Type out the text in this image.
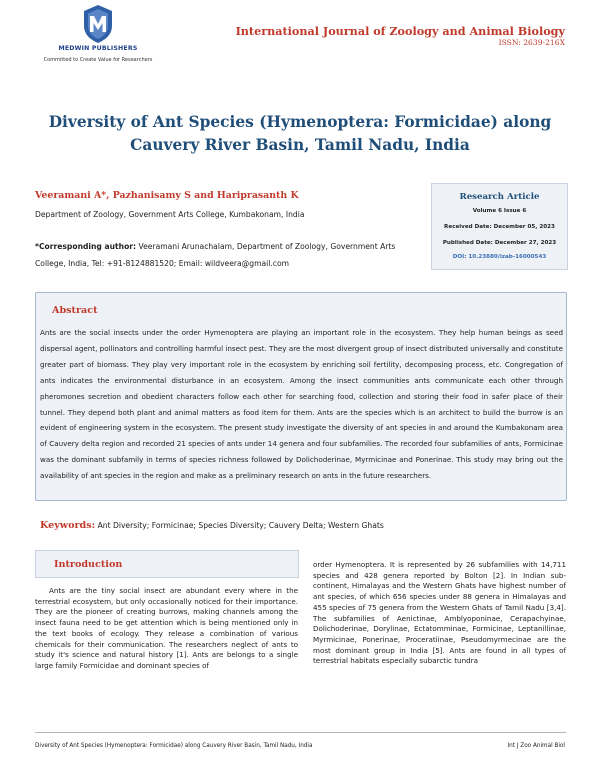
MEDWIN PUBLISHERS
Committed to Create Value for Researchers
International Journal of Zoology and Animal Biology
ISSN: 2639-216X
Diversity of Ant Species (Hymenoptera: Formicidae) along Cauvery River Basin, Tamil Nadu, India
Veeramani A*, Pazhanisamy S and Hariprasanth K
Department of Zoology, Government Arts College, Kumbakonam, India
*Corresponding author: Veeramani Arunachalam, Department of Zoology, Government Arts College, India, Tel: +91-8124881520; Email: wildveera@gmail.com
Research Article
Volume 6 Issue 6
Received Date: December 05, 2023
Published Date: December 27, 2023
DOI: 10.23880/izab-16000543
Abstract
Ants are the social insects under the order Hymenoptera are playing an important role in the ecosystem. They help human beings as seed dispersal agent, pollinators and controlling harmful insect pest. They are the most divergent group of insect distributed universally and constitute greater part of biomass. They play very important role in the ecosystem by enriching soil fertility, decomposing process, etc. Congregation of ants indicates the environmental disturbance in an ecosystem. Among the insect communities ants communicate each other through pheromones secretion and obedient characters follow each other for searching food, collection and storing their food in safer place of their tunnel. They depend both plant and animal matters as food item for them. Ants are the species which is an architect to build the burrow is an evident of engineering system in the ecosystem. The present study investigate the diversity of ant species in and around the Kumbakonam area of Cauvery delta region and recorded 21 species of ants under 14 genera and four subfamilies. The recorded four subfamilies of ants, Formicinae was the dominant subfamily in terms of species richness followed by Dolichoderinae, Myrmicinae and Ponerinae. This study may bring out the availability of ant species in the region and make as a preliminary research on ants in the future researchers.
Keywords: Ant Diversity; Formicinae; Species Diversity; Cauvery Delta; Western Ghats
Introduction
Ants are the tiny social insect are abundant every where in the terrestrial ecosystem, but only occasionally noticed for their importance. They are the pioneer of creating burrows, making channels among the insect fauna need to be get attention which is being mentioned only in the text books of ecology. They release a combination of various chemicals for their communication. The researchers neglect of ants to study it's science and natural history [1]. Ants are belongs to a single large family Formicidae and dominant species of
order Hymenoptera. It is represented by 26 subfamilies with 14,711 species and 428 genera reported by Bolton [2]. In Indian sub-continent, Himalayas and the Western Ghats have highest number of ant species, of which 656 species under 88 genera in Himalayas and 455 species of 75 genera from the Western Ghats of Tamil Nadu [3,4]. The subfamilies of Aenictinae, Amblyoponinae, Cerapachyinae, Dolichoderinae, Dorylinae, Ectatomminae, Formicinae, Leptanillinae, Myrmicinae, Ponerinae, Proceratiinae, Pseudomyrmecinae are the most dominant group in India [5]. Ants are found in all types of terrestrial habitats especially subarctic tundra
Diversity of Ant Species (Hymenoptera: Formicidae) along Cauvery River Basin, Tamil Nadu, India	Int J Zoo Animal Biol
